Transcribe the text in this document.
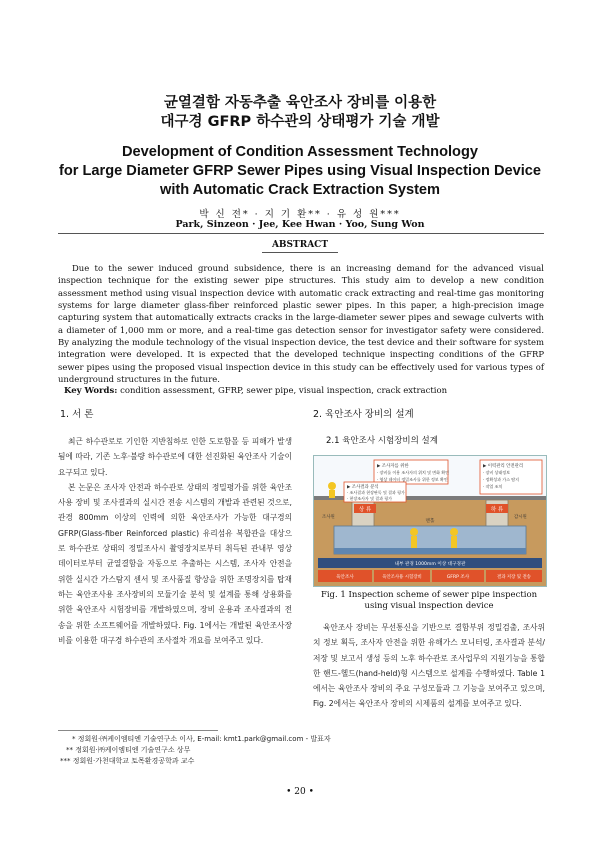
균열결함 자동추출 육안조사 장비를 이용한
대구경 GFRP 하수관의 상태평가 기술 개발
Development of Condition Assessment Technology
for Large Diameter GFRP Sewer Pipes using Visual Inspection Device
with Automatic Crack Extraction System
박 신 전* · 지 기 환** · 유 성 원***
Park, Sinzeon · Jee, Kee Hwan · Yoo, Sung Won
ABSTRACT

Due to the sewer induced ground subsidence, there is an increasing demand for the advanced visual inspection technique for the existing sewer pipe structures. This study aim to develop a new condition assessment method using visual inspection device with automatic crack extracting and real-time gas monitoring systems for large diameter glass-fiber reinforced plastic sewer pipes. In this paper, a high-precision image capturing system that automatically extracts cracks in the large-diameter sewer pipes and sewage culverts with a diameter of 1,000 mm or more, and a real-time gas detection sensor for investigator safety were considered. By analyzing the module technology of the visual inspection device, the test device and their software for system integration were developed. It is expected that the developed technique inspecting conditions of the GFRP sewer pipes using the proposed visual inspection device in this study can be effectively used for various types of underground structures in the future.

Key Words: condition assessment, GFRP, sewer pipe, visual inspection, crack extraction
1. 서 론

최근 하수관로로 기인한 지반침하로 인한 도로함몰 등 피해가 발생됨에 따라, 기존 노후·불량 하수관로에 대한 선진화된 육안조사 기술이 요구되고 있다.

본 논문은 조사자 안전과 하수관로 상태의 정밀평가를 위한 육안조사용 장비 및 조사결과의 실시간 전송 시스템의 개발과 관련된 것으로, 관경 800mm 이상의 인력에 의한 육안조사가 가능한 대구경의 GFRP(Glass-fiber Reinforced plastic) 유리섬유 복합관을 대상으로 하수관로 상태의 정밀조사시 촬영장치로부터 취득된 관내부 영상 데이터로부터 균열결함을 자동으로 추출하는 시스템, 조사자 안전을 위한 실시간 가스탐지 센서 및 조사품질 향상을 위한 조명장치를 탑재하는 육안조사용 조사장비의 모듈기술 분석 및 설계를 통해 상용화를 위한 육안조사 시험장비를 개발하였으며, 장비 운용과 조사결과의 전송을 위한 소프트웨어를 개발하였다. Fig. 1에서는 개발된 육안조사장비를 이용한 대구경 하수관의 조사절차 개요를 보여주고 있다.

2. 육안조사 장비의 설계
2.1 육안조사 시험장비의 설계
상 류	하 류
▶ 조사자를 위한
· 장비를 이용 조사자의 위치 및 변화 확인
· 영상 데이터 정밀조사를 위한 정보 확인
▶ 조사결과 분석
· 조사결과 현장판독 및 결과 평가
· 현장조사자 및 결과 평가
▶ 이력관리 안전관리
· 장비 상태정보
· 정확성과 가스 탐지
· 작업 조치
맨홀
조사원	감시원
내부 관경 1000mm 이상 대구경관
육안조사	육안조사용 시험장비	GFRP 조사	결과 저장 및 전송
Fig. 1 Inspection scheme of sewer pipe inspection
using visual inspection device

육안조사 장비는 무선통신을 기반으로 결함부위 정밀검출, 조사위치 정보 획득, 조사자 안전을 위한 유해가스 모니터링, 조사결과 분석/저장 및 보고서 생성 등의 노후 하수관로 조사업무의 지원기능을 통합한 핸드-헬드(hand-held)형 시스템으로 설계를 수행하였다. Table 1에서는 육안조사 장비의 주요 구성모듈과 그 기능을 보여주고 있으며, Fig. 2에서는 육안조사 장비의 시제품의 설계를 보여주고 있다.

* 정회원·㈜케이엠티엔 기술연구소 이사, E-mail: kmt1.park@gmail.com - 발표자
** 정회원·㈜케이엠티엔 기술연구소 상무
*** 정회원·가천대학교 토목환경공학과 교수
• 20 •
